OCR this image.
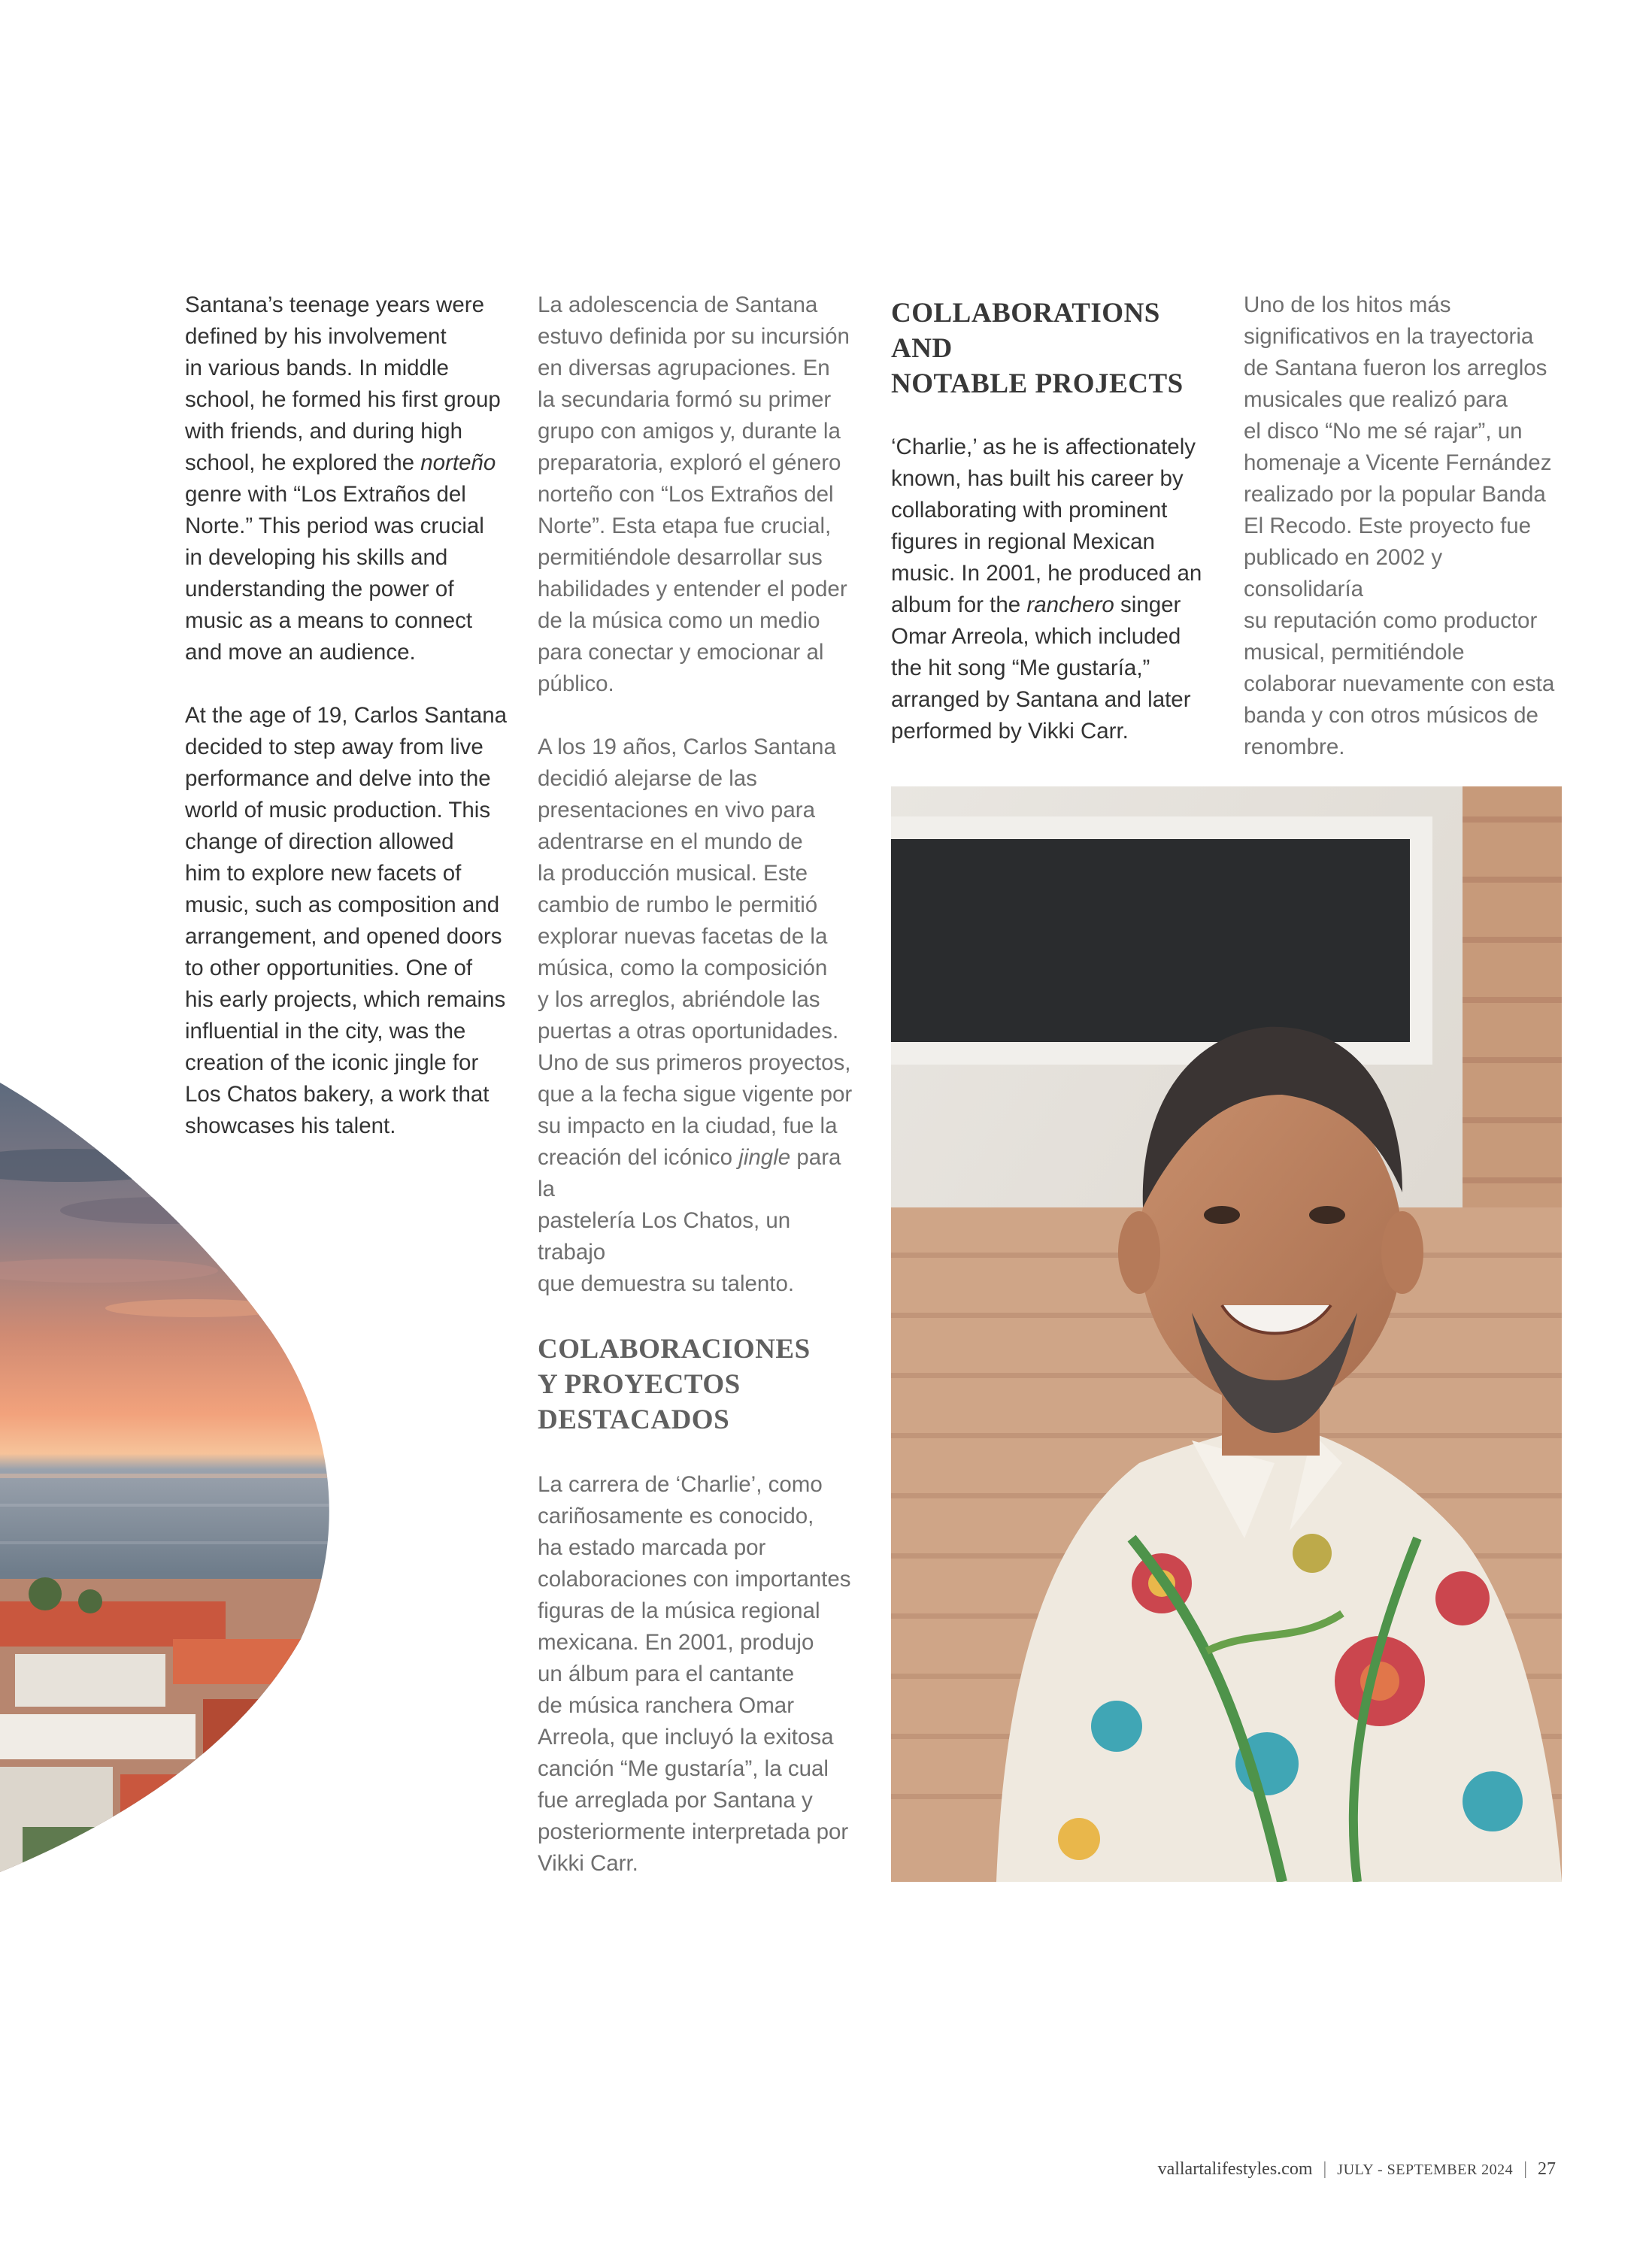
Santana’s teenage years were
defined by his involvement
in various bands. In middle
school, he formed his first group
with friends, and during high
school, he explored the norteño
genre with “Los Extraños del
Norte.” This period was crucial
in developing his skills and
understanding the power of
music as a means to connect
and move an audience.

At the age of 19, Carlos Santana
decided to step away from live
performance and delve into the
world of music production. This
change of direction allowed
him to explore new facets of
music, such as composition and
arrangement, and opened doors
to other opportunities. One of
his early projects, which remains
influential in the city, was the
creation of the iconic jingle for
Los Chatos bakery, a work that
showcases his talent.

La adolescencia de Santana
estuvo definida por su incursión
en diversas agrupaciones. En
la secundaria formó su primer
grupo con amigos y, durante la
preparatoria, exploró el género
norteño con “Los Extraños del
Norte”. Esta etapa fue crucial,
permitiéndole desarrollar sus
habilidades y entender el poder
de la música como un medio
para conectar y emocionar al
público.

A los 19 años, Carlos Santana
decidió alejarse de las
presentaciones en vivo para
adentrarse en el mundo de
la producción musical. Este
cambio de rumbo le permitió
explorar nuevas facetas de la
música, como la composición
y los arreglos, abriéndole las
puertas a otras oportunidades.
Uno de sus primeros proyectos,
que a la fecha sigue vigente por
su impacto en la ciudad, fue la
creación del icónico jingle para la
pastelería Los Chatos, un trabajo
que demuestra su talento.

COLABORACIONES
Y PROYECTOS
DESTACADOS

La carrera de ‘Charlie’, como
cariñosamente es conocido,
ha estado marcada por
colaboraciones con importantes
figuras de la música regional
mexicana. En 2001, produjo
un álbum para el cantante
de música ranchera Omar
Arreola, que incluyó la exitosa
canción “Me gustaría”, la cual
fue arreglada por Santana y
posteriormente interpretada por
Vikki Carr.

COLLABORATIONS AND
NOTABLE PROJECTS

‘Charlie,’ as he is affectionately
known, has built his career by
collaborating with prominent
figures in regional Mexican
music. In 2001, he produced an
album for the ranchero singer
Omar Arreola, which included
the hit song “Me gustaría,”
arranged by Santana and later
performed by Vikki Carr.

Uno de los hitos más
significativos en la trayectoria
de Santana fueron los arreglos
musicales que realizó para
el disco “No me sé rajar”, un
homenaje a Vicente Fernández
realizado por la popular Banda
El Recodo. Este proyecto fue
publicado en 2002 y consolidaría
su reputación como productor
musical, permitiéndole
colaborar nuevamente con esta
banda y con otros músicos de
renombre.

vallartalifestyles.com | JULY - SEPTEMBER 2024 | 27
